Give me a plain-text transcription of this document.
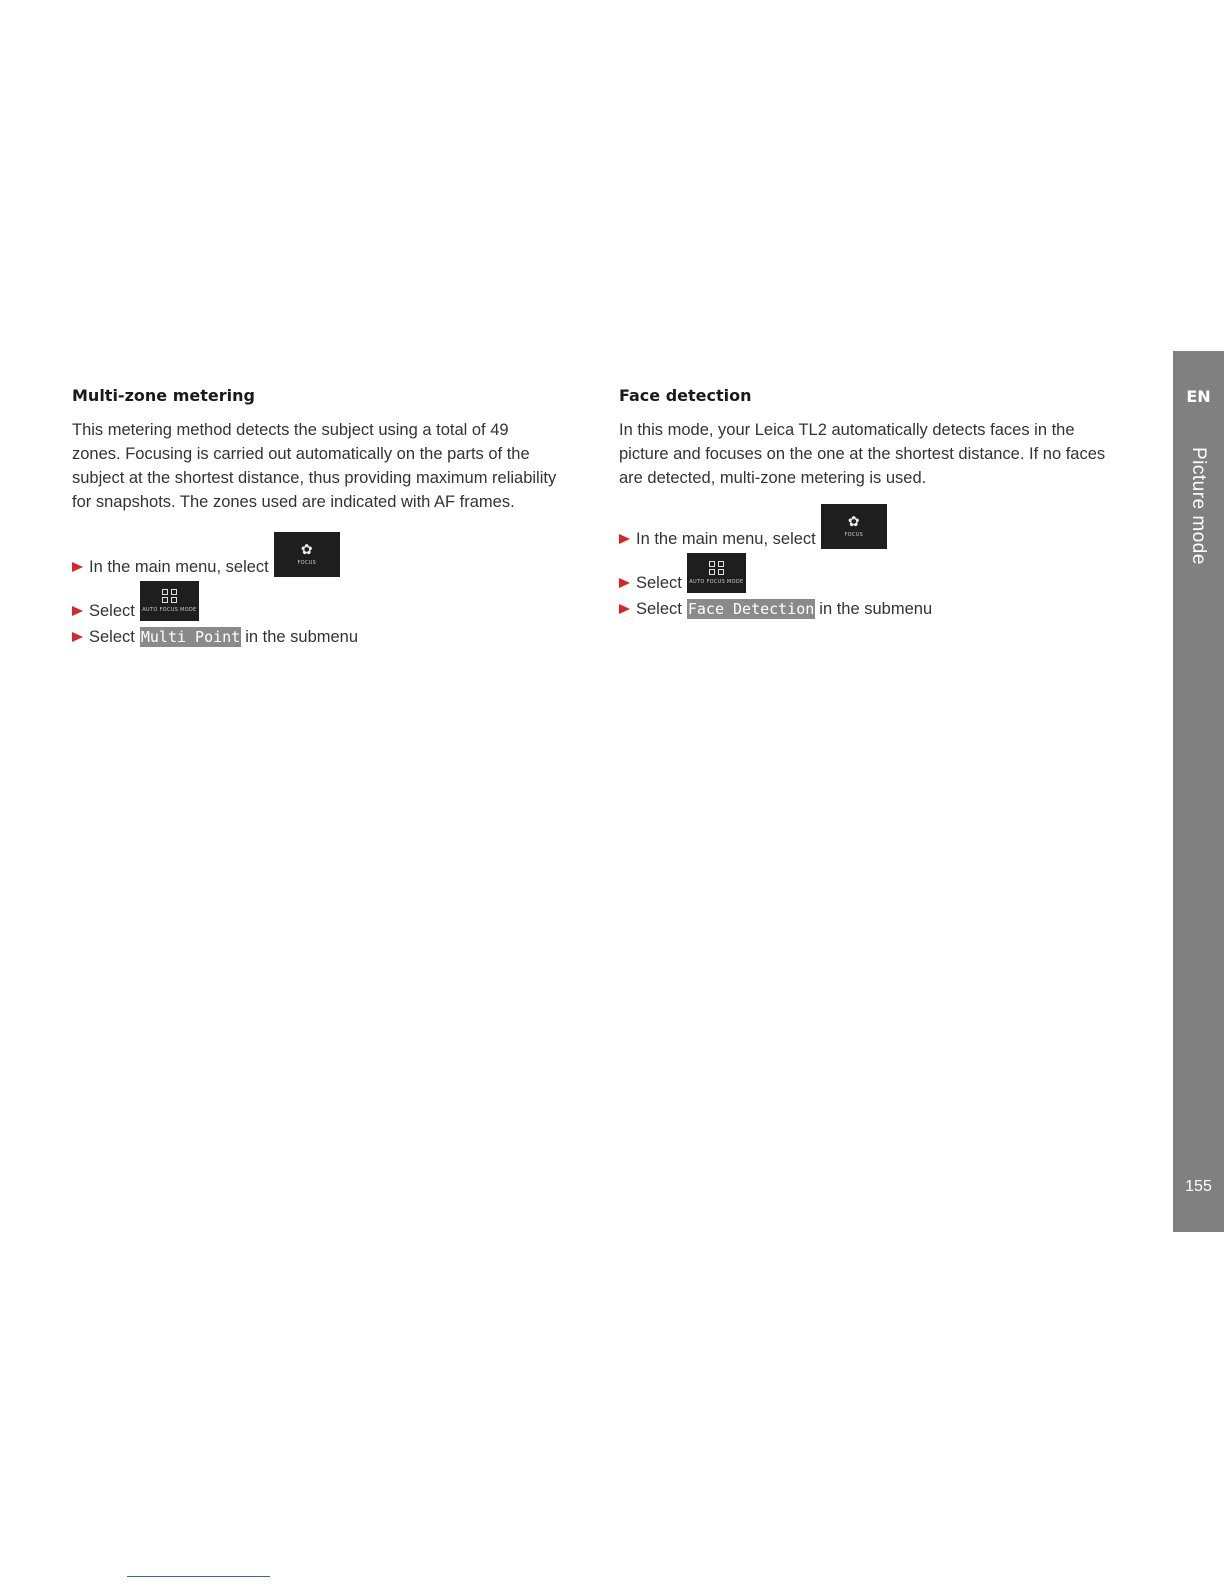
Multi-zone metering

This metering method detects the subject using a total of 49
zones. Focusing is carried out automatically on the parts of the
subject at the shortest distance, thus providing maximum reliability
for snapshots. The zones used are indicated with AF frames.

In the main menu, select
✿
FOCUS
Select AUTO FOCUS MODE
Select Multi Point in the submenu
Face detection

In this mode, your Leica TL2 automatically detects faces in the
picture and focuses on the one at the shortest distance. If no faces
are detected, multi-zone metering is used.

In the main menu, select
✿
FOCUS
Select AUTO FOCUS MODE
Select Face Detection in the submenu
EN
Picture mode
155
